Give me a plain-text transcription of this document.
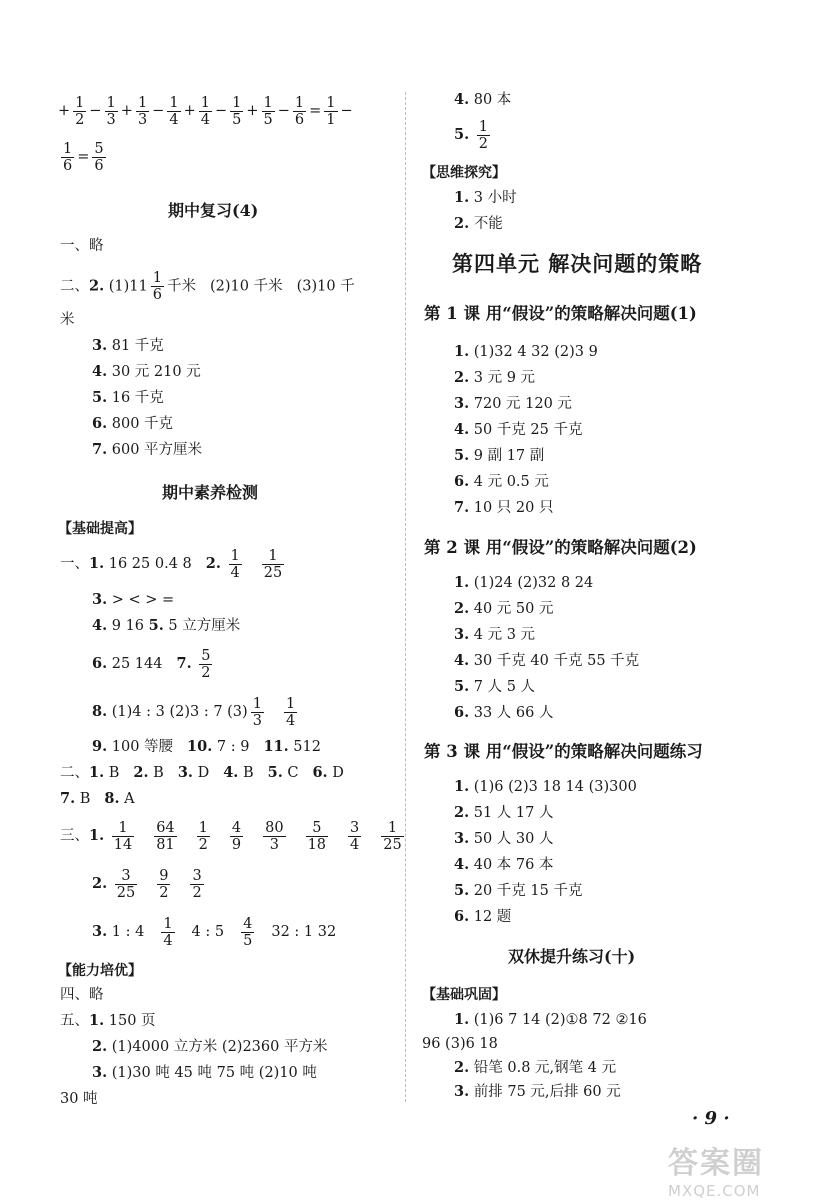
+ $\frac{1}{2} - \frac{1}{3} + \frac{1}{3} - \frac{1}{4} + \frac{1}{4} - \frac{1}{5} + \frac{1}{5} - \frac{1}{6} = \frac{1}{1}$ −
$\frac{1}{6} = \frac{5}{6}$
期中复习(4)
一、略
二、2. $(1)11 \frac{1}{6}$ 千米 (2)10 千米 (3)10 千
米
3. 81 千克
4. 30 元 210 元
5. 16 千克
6. 800 千克
7. 600 平方厘米
期中素养检测
【基础提高】
一、1. 16 25 0.4 8 2. $\frac{1}{4} \frac{1}{25}$
3. > < > =
4. 9 16 5. 5 立方厘米
6. 25 144 7. $\frac{5}{2}$
8. (1)4 : 3 (2)3 : 7 $(3) \frac{1}{3} \frac{1}{4}$
9. 100 等腰 10. 7 : 9 11. 512
二、1. B 2. B 3. D 4. B 5. C 6. D
7. B 8. A
三、1. $\frac{1}{14} \frac{64}{81} \frac{1}{2} \frac{4}{9} \frac{80}{3} \frac{5}{18} \frac{3}{4} \frac{1}{25}$
2. $\frac{3}{25} \frac{9}{2} \frac{3}{2}$
3. 1 : $4 \frac{1}{4} 4$ : $5 \frac{4}{5} 32$ : 1 32
【能力培优】
四、略
五、1. 150 页
2. (1)4000 立方米 (2)2360 平方米
3. (1)30 吨 45 吨 75 吨 (2)10 吨
30 吨
4. 80 本
5. $\frac{1}{2}$
【思维探究】
1. 3 小时
2. 不能
第四单元 解决问题的策略
第 1 课 用“假设”的策略解决问题(1)
1. (1)32 4 32 (2)3 9
2. 3 元 9 元
3. 720 元 120 元
4. 50 千克 25 千克
5. 9 副 17 副
6. 4 元 0.5 元
7. 10 只 20 只
第 2 课 用“假设”的策略解决问题(2)
1. (1)24 (2)32 8 24
2. 40 元 50 元
3. 4 元 3 元
4. 30 千克 40 千克 55 千克
5. 7 人 5 人
6. 33 人 66 人
第 3 课 用“假设”的策略解决问题练习
1. (1)6 (2)3 18 14 (3)300
2. 51 人 17 人
3. 50 人 30 人
4. 40 本 76 本
5. 20 千克 15 千克
6. 12 题
双休提升练习(十)
【基础巩固】
1. (1)6 7 14 (2)①8 72 ②16
96 (3)6 18
2. 铅笔 0.8 元,钢笔 4 元
3. 前排 75 元,后排 60 元
· 9 ·
答案圈
MXQE.COM
